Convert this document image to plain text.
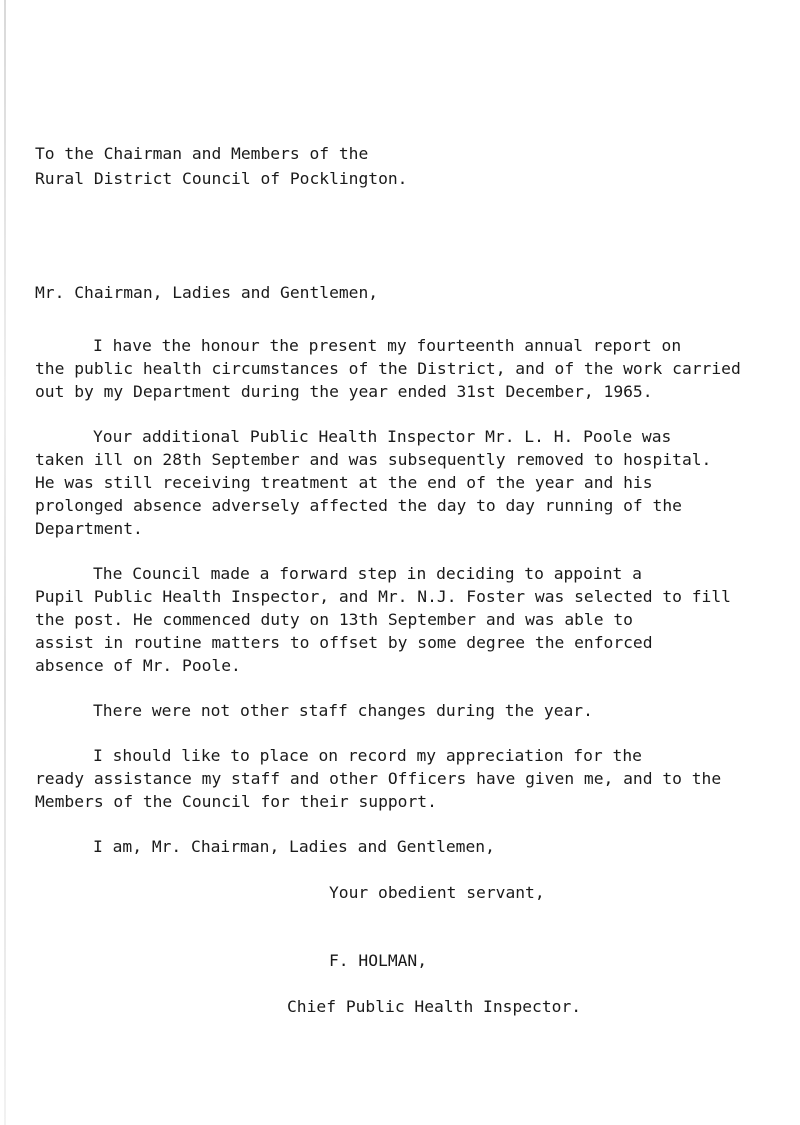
To the Chairman and Members of the
Rural District Council of Pocklington.
Mr. Chairman, Ladies and Gentlemen,
I have the honour the present my fourteenth annual report on
the public health circumstances of the District, and of the work carried
out by my Department during the year ended 31st December, 1965.
Your additional Public Health Inspector Mr. L. H. Poole was
taken ill on 28th September and was subsequently removed to hospital.
He was still receiving treatment at the end of the year and his
prolonged absence adversely affected the day to day running of the
Department.
The Council made a forward step in deciding to appoint a
Pupil Public Health Inspector, and Mr. N.J. Foster was selected to fill
the post. He commenced duty on 13th September and was able to
assist in routine matters to offset by some degree the enforced
absence of Mr. Poole.
There were not other staff changes during the year.
I should like to place on record my appreciation for the
ready assistance my staff and other Officers have given me, and to the
Members of the Council for their support.
I am, Mr. Chairman, Ladies and Gentlemen,
Your obedient servant,
F. HOLMAN,
Chief Public Health Inspector.
